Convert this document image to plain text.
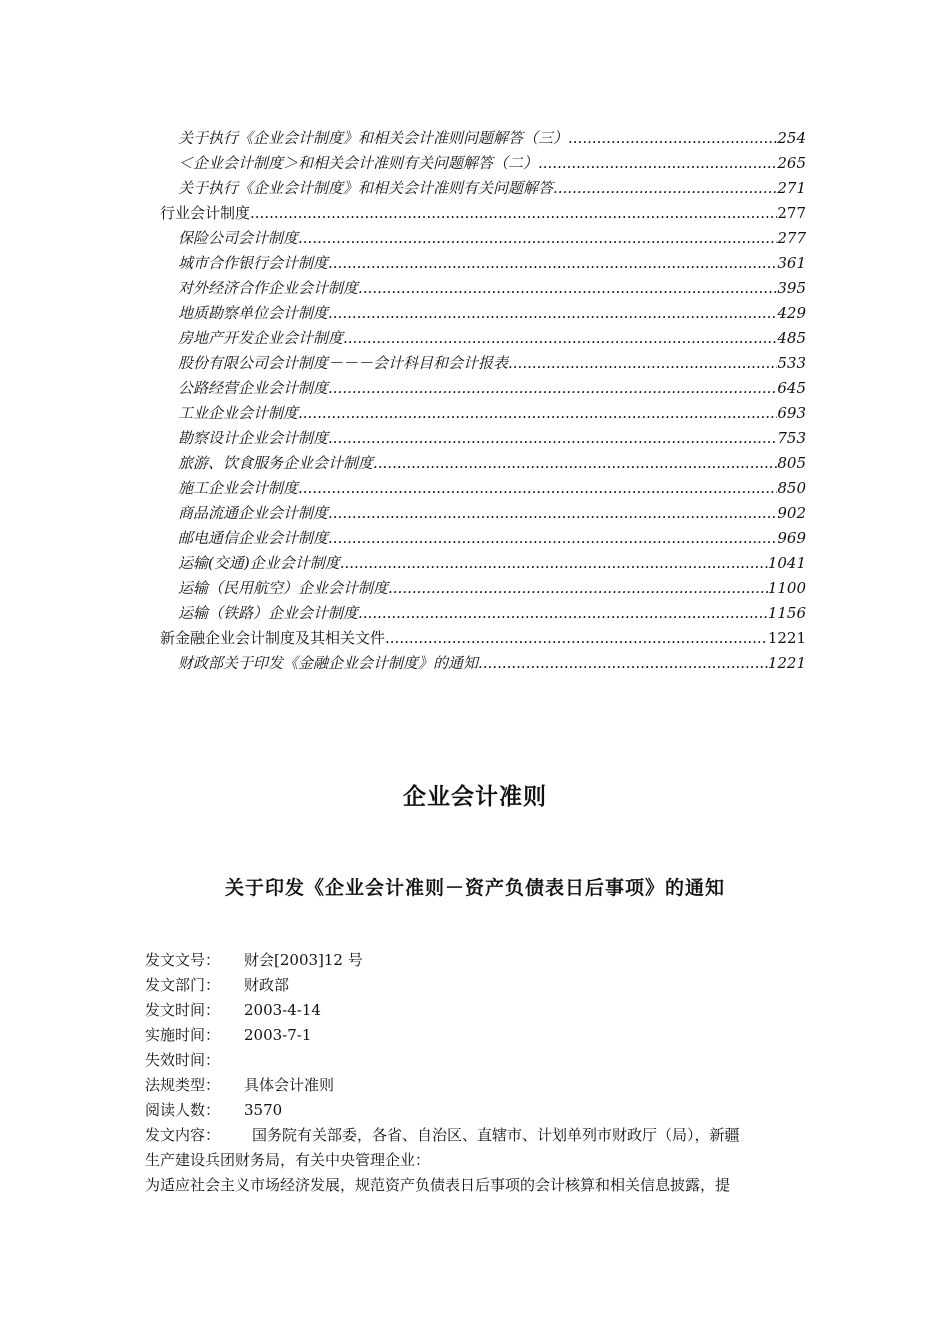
关于执行《企业会计制度》和相关会计准则问题解答（三） .....	254
＜企业会计制度＞和相关会计准则有关问题解答（二） .....	265
关于执行《企业会计制度》和相关会计准则有关问题解答 .....	271
行业会计制度 .....	277
保险公司会计制度 .....	277
城市合作银行会计制度 .....	361
对外经济合作企业会计制度 .....	395
地质勘察单位会计制度 .....	429
房地产开发企业会计制度 .....	485
股份有限公司会计制度－－－会计科目和会计报表 .....	533
公路经营企业会计制度 .....	645
工业企业会计制度 .....	693
勘察设计企业会计制度 .....	753
旅游、饮食服务企业会计制度 .....	805
施工企业会计制度 .....	850
商品流通企业会计制度 .....	902
邮电通信企业会计制度 .....	969
运输(交通)企业会计制度 .....	1041
运输（民用航空）企业会计制度 .....	1100
运输（铁路）企业会计制度 .....	1156
新金融企业会计制度及其相关文件 .....	1221
财政部关于印发《金融企业会计制度》的通知 .....	1221
企业会计准则
关于印发《企业会计准则－资产负债表日后事项》的通知
发文文号：	财会[2003]12 号
发文部门：	财政部
发文时间：	2003-4-14
实施时间：	2003-7-1
失效时间：
法规类型：	具体会计准则
阅读人数：	3570
发文内容：	国务院有关部委，各省、自治区、直辖市、计划单列市财政厅（局），新疆
生产建设兵团财务局，有关中央管理企业：
为适应社会主义市场经济发展，规范资产负债表日后事项的会计核算和相关信息披露，提
